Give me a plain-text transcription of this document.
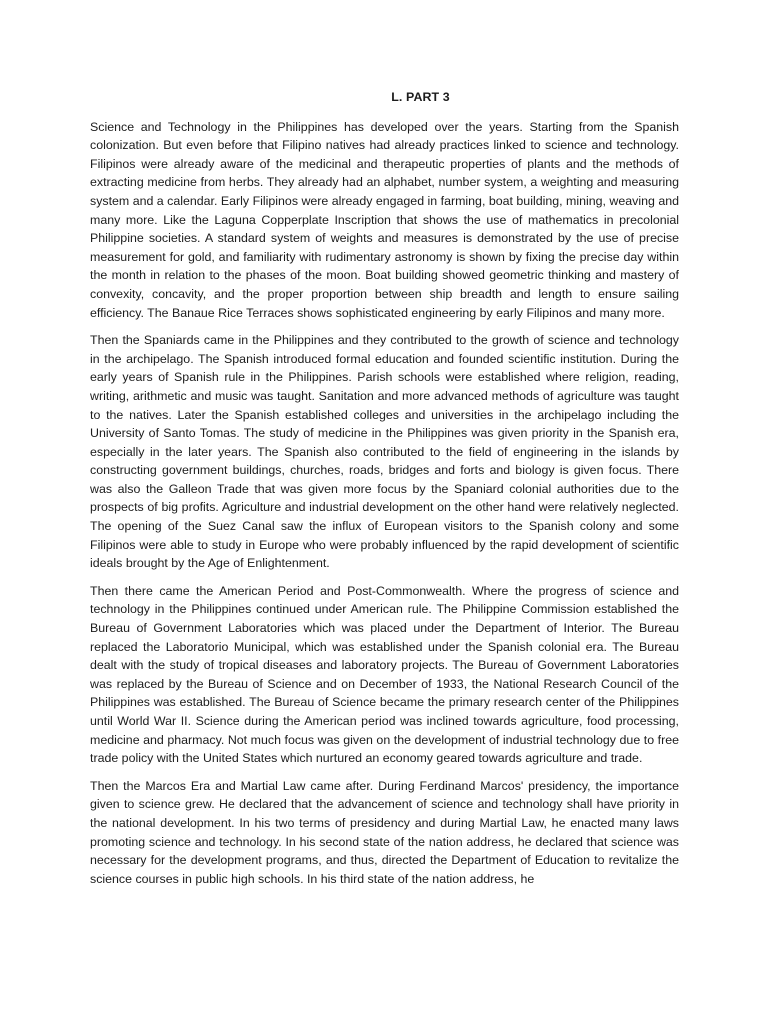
L. PART 3

Science and Technology in the Philippines has developed over the years. Starting from the Spanish colonization. But even before that Filipino natives had already practices linked to science and technology. Filipinos were already aware of the medicinal and therapeutic properties of plants and the methods of extracting medicine from herbs. They already had an alphabet, number system, a weighting and measuring system and a calendar. Early Filipinos were already engaged in farming, boat building, mining, weaving and many more. Like the Laguna Copperplate Inscription that shows the use of mathematics in precolonial Philippine societies. A standard system of weights and measures is demonstrated by the use of precise measurement for gold, and familiarity with rudimentary astronomy is shown by fixing the precise day within the month in relation to the phases of the moon. Boat building showed geometric thinking and mastery of convexity, concavity, and the proper proportion between ship breadth and length to ensure sailing efficiency. The Banaue Rice Terraces shows sophisticated engineering by early Filipinos and many more.

Then the Spaniards came in the Philippines and they contributed to the growth of science and technology in the archipelago. The Spanish introduced formal education and founded scientific institution. During the early years of Spanish rule in the Philippines. Parish schools were established where religion, reading, writing, arithmetic and music was taught. Sanitation and more advanced methods of agriculture was taught to the natives. Later the Spanish established colleges and universities in the archipelago including the University of Santo Tomas. The study of medicine in the Philippines was given priority in the Spanish era, especially in the later years. The Spanish also contributed to the field of engineering in the islands by constructing government buildings, churches, roads, bridges and forts and biology is given focus. There was also the Galleon Trade that was given more focus by the Spaniard colonial authorities due to the prospects of big profits. Agriculture and industrial development on the other hand were relatively neglected. The opening of the Suez Canal saw the influx of European visitors to the Spanish colony and some Filipinos were able to study in Europe who were probably influenced by the rapid development of scientific ideals brought by the Age of Enlightenment.

Then there came the American Period and Post-Commonwealth. Where the progress of science and technology in the Philippines continued under American rule. The Philippine Commission established the Bureau of Government Laboratories which was placed under the Department of Interior. The Bureau replaced the Laboratorio Municipal, which was established under the Spanish colonial era. The Bureau dealt with the study of tropical diseases and laboratory projects. The Bureau of Government Laboratories was replaced by the Bureau of Science and on December of 1933, the National Research Council of the Philippines was established. The Bureau of Science became the primary research center of the Philippines until World War II. Science during the American period was inclined towards agriculture, food processing, medicine and pharmacy. Not much focus was given on the development of industrial technology due to free trade policy with the United States which nurtured an economy geared towards agriculture and trade.

Then the Marcos Era and Martial Law came after. During Ferdinand Marcos' presidency, the importance given to science grew. He declared that the advancement of science and technology shall have priority in the national development. In his two terms of presidency and during Martial Law, he enacted many laws promoting science and technology. In his second state of the nation address, he declared that science was necessary for the development programs, and thus, directed the Department of Education to revitalize the science courses in public high schools. In his third state of the nation address, he
